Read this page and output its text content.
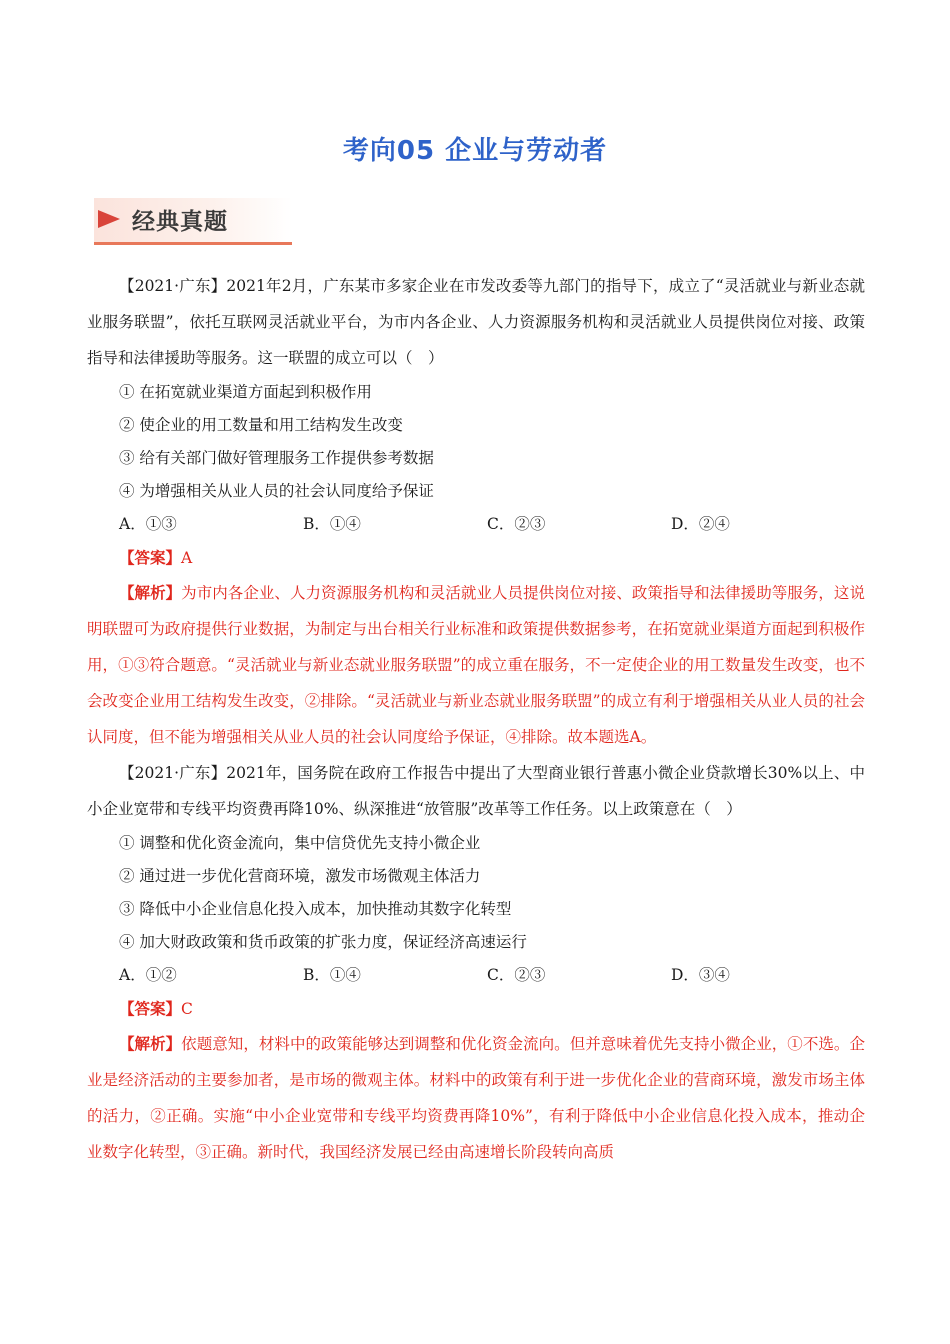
考向05 企业与劳动者
经典真题

【2021·广东】2021年2月，广东某市多家企业在市发改委等九部门的指导下，成立了“灵活就业与新业态就业服务联盟”，依托互联网灵活就业平台，为市内各企业、人力资源服务机构和灵活就业人员提供岗位对接、政策指导和法律援助等服务。这一联盟的成立可以（　）

① 在拓宽就业渠道方面起到积极作用

② 使企业的用工数量和用工结构发生改变

③ 给有关部门做好管理服务工作提供参考数据

④ 为增强相关从业人员的社会认同度给予保证

A．①③	B．①④	C．②③	D．②④

【答案】A

【解析】为市内各企业、人力资源服务机构和灵活就业人员提供岗位对接、政策指导和法律援助等服务，这说明联盟可为政府提供行业数据，为制定与出台相关行业标准和政策提供数据参考，在拓宽就业渠道方面起到积极作用，①③符合题意。“灵活就业与新业态就业服务联盟”的成立重在服务，不一定使企业的用工数量发生改变，也不会改变企业用工结构发生改变，②排除。“灵活就业与新业态就业服务联盟”的成立有利于增强相关从业人员的社会认同度，但不能为增强相关从业人员的社会认同度给予保证，④排除。故本题选A。

【2021·广东】2021年，国务院在政府工作报告中提出了大型商业银行普惠小微企业贷款增长30%以上、中小企业宽带和专线平均资费再降10%、纵深推进“放管服”改革等工作任务。以上政策意在（　）

① 调整和优化资金流向，集中信贷优先支持小微企业

② 通过进一步优化营商环境，激发市场微观主体活力

③ 降低中小企业信息化投入成本，加快推动其数字化转型

④ 加大财政政策和货币政策的扩张力度，保证经济高速运行

A．①②	B．①④	C．②③	D．③④

【答案】C

【解析】依题意知，材料中的政策能够达到调整和优化资金流向。但并意味着优先支持小微企业，①不选。企业是经济活动的主要参加者，是市场的微观主体。材料中的政策有利于进一步优化企业的营商环境，激发市场主体的活力，②正确。实施“中小企业宽带和专线平均资费再降10%”，有利于降低中小企业信息化投入成本，推动企业数字化转型，③正确。新时代，我国经济发展已经由高速增长阶段转向高质
